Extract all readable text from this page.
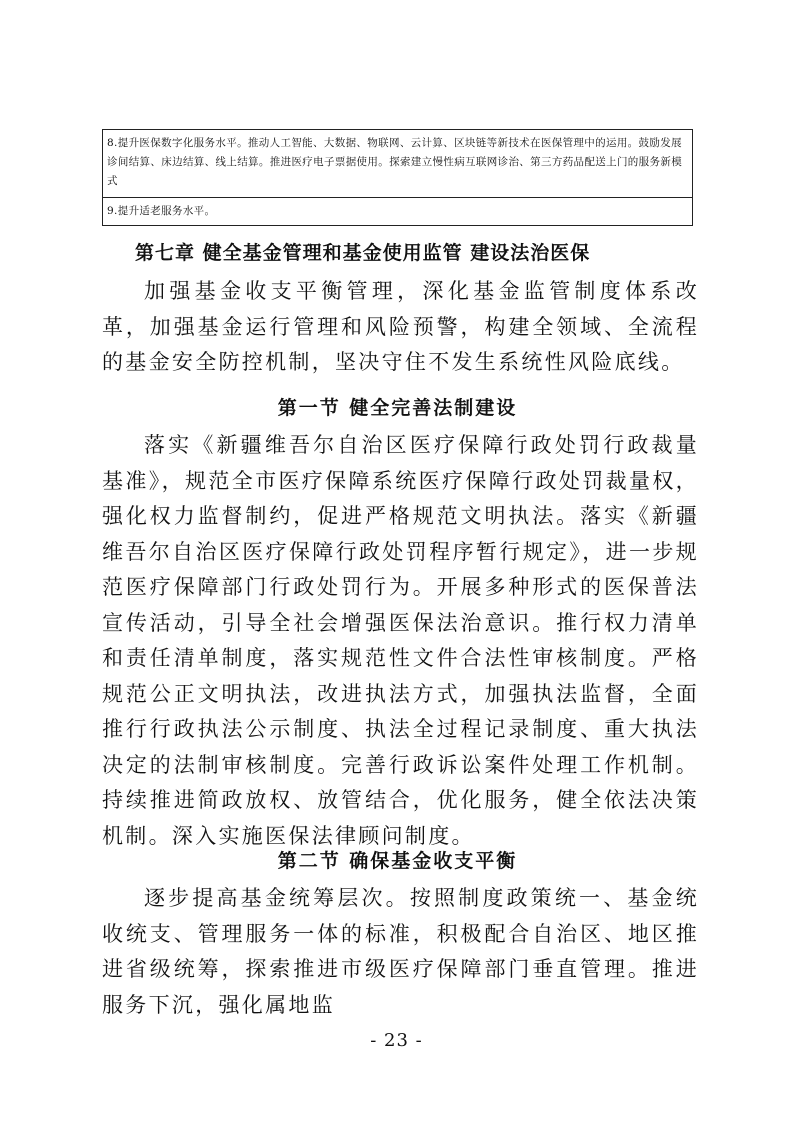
8.提升医保数字化服务水平。推动人工智能、大数据、物联网、云计算、区块链等新技术在医保管理中的运用。鼓励发展诊间结算、床边结算、线上结算。推进医疗电子票据使用。探索建立慢性病互联网诊治、第三方药品配送上门的服务新模式
9.提升适老服务水平。
第七章 健全基金管理和基金使用监管 建设法治医保

加强基金收支平衡管理，深化基金监管制度体系改革，加强基金运行管理和风险预警，构建全领域、全流程的基金安全防控机制，坚决守住不发生系统性风险底线。

第一节 健全完善法制建设

落实《新疆维吾尔自治区医疗保障行政处罚行政裁量基准》，规范全市医疗保障系统医疗保障行政处罚裁量权，强化权力监督制约，促进严格规范文明执法。落实《新疆维吾尔自治区医疗保障行政处罚程序暂行规定》，进一步规范医疗保障部门行政处罚行为。开展多种形式的医保普法宣传活动，引导全社会增强医保法治意识。推行权力清单和责任清单制度，落实规范性文件合法性审核制度。严格规范公正文明执法，改进执法方式，加强执法监督，全面推行行政执法公示制度、执法全过程记录制度、重大执法决定的法制审核制度。完善行政诉讼案件处理工作机制。持续推进简政放权、放管结合，优化服务，健全依法决策机制。深入实施医保法律顾问制度。

第二节 确保基金收支平衡

逐步提高基金统筹层次。按照制度政策统一、基金统收统支、管理服务一体的标准，积极配合自治区、地区推进省级统筹，探索推进市级医疗保障部门垂直管理。推进服务下沉，强化属地监

- 23 -
